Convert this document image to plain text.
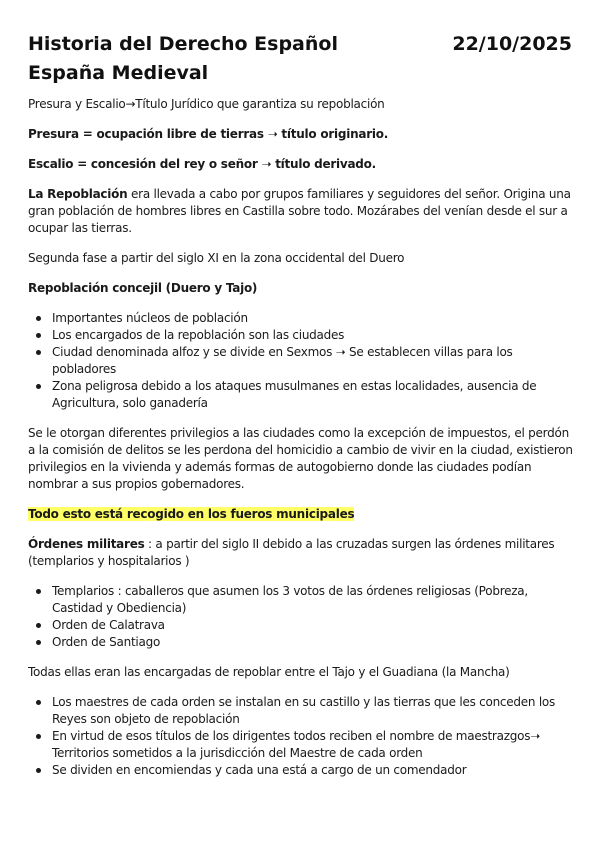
Historia del Derecho Español
España Medieval
22/10/2025

Presura y Escalio→Título Jurídico que garantiza su repoblación

Presura = ocupación libre de tierras ➝ título originario.

Escalio = concesión del rey o señor ➝ título derivado.

La Repoblación era llevada a cabo por grupos familiares y seguidores del señor. Origina una gran población de hombres libres en Castilla sobre todo. Mozárabes del venían desde el sur a ocupar las tierras.

Segunda fase a partir del siglo XI en la zona occidental del Duero

Repoblación concejil (Duero y Tajo)

Importantes núcleos de población
Los encargados de la repoblación son las ciudades
Ciudad denominada alfoz y se divide en Sexmos ➝ Se establecen villas para los pobladores
Zona peligrosa debido a los ataques musulmanes en estas localidades, ausencia de Agricultura, solo ganadería

Se le otorgan diferentes privilegios a las ciudades como la excepción de impuestos, el perdón a la comisión de delitos se les perdona del homicidio a cambio de vivir en la ciudad, existieron privilegios en la vivienda y además formas de autogobierno donde las ciudades podían nombrar a sus propios gobernadores.

Todo esto está recogido en los fueros municipales

Órdenes militares : a partir del siglo II debido a las cruzadas surgen las órdenes militares (templarios y hospitalarios )

Templarios : caballeros que asumen los 3 votos de las órdenes religiosas (Pobreza, Castidad y Obediencia)
Orden de Calatrava
Orden de Santiago

Todas ellas eran las encargadas de repoblar entre el Tajo y el Guadiana (la Mancha)

Los maestres de cada orden se instalan en su castillo y las tierras que les conceden los Reyes son objeto de repoblación
En virtud de esos títulos de los dirigentes todos reciben el nombre de maestrazgos➝ Territorios sometidos a la jurisdicción del Maestre de cada orden
Se dividen en encomiendas y cada una está a cargo de un comendador
